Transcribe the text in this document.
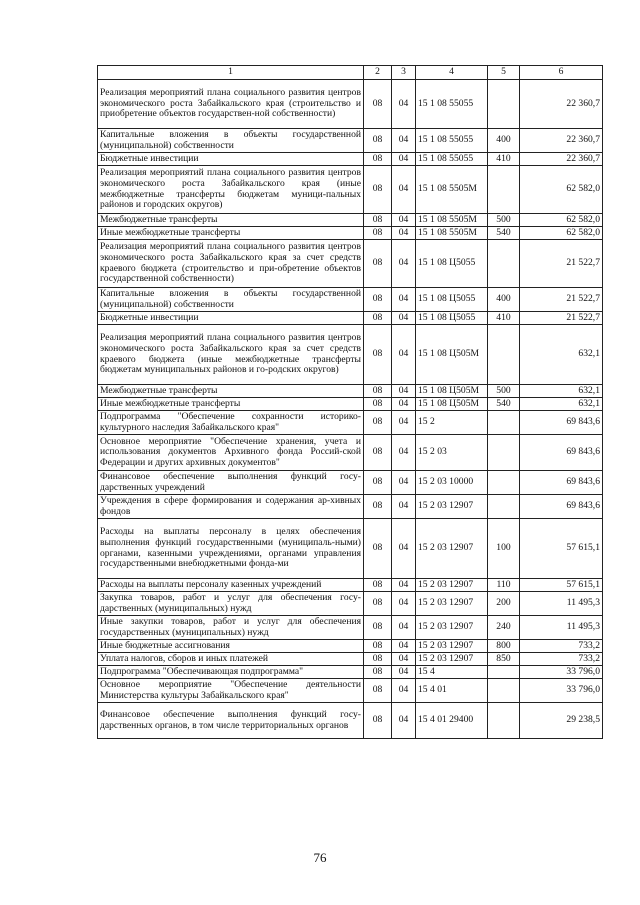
1	2	3	4	5	6
Реализация мероприятий плана социального развития центров экономического роста Забайкальского края (строительство и приобретение объектов государствен-ной собственности)	08	04	15 1 08 55055		22 360,7
Капитальные вложения в объекты государственной (муниципальной) собственности	08	04	15 1 08 55055	400	22 360,7
Бюджетные инвестиции	08	04	15 1 08 55055	410	22 360,7
Реализация мероприятий плана социального развития центров экономического роста Забайкальского края (иные межбюджетные трансферты бюджетам муници-пальных районов и городских округов)	08	04	15 1 08 5505М		62 582,0
Межбюджетные трансферты	08	04	15 1 08 5505М	500	62 582,0
Иные межбюджетные трансферты	08	04	15 1 08 5505М	540	62 582,0
Реализация мероприятий плана социального развития центров экономического роста Забайкальского края за счет средств краевого бюджета (строительство и при-обретение объектов государственной собственности)	08	04	15 1 08 Ц5055		21 522,7
Капитальные вложения в объекты государственной (муниципальной) собственности	08	04	15 1 08 Ц5055	400	21 522,7
Бюджетные инвестиции	08	04	15 1 08 Ц5055	410	21 522,7
Реализация мероприятий плана социального развития центров экономического роста Забайкальского края за счет средств краевого бюджета (иные межбюджетные трансферты бюджетам муниципальных районов и го-родских округов)	08	04	15 1 08 Ц505М		632,1
Межбюджетные трансферты	08	04	15 1 08 Ц505М	500	632,1
Иные межбюджетные трансферты	08	04	15 1 08 Ц505М	540	632,1
Подпрограмма "Обеспечение сохранности историко-культурного наследия Забайкальского края"	08	04	15 2		69 843,6
Основное мероприятие "Обеспечение хранения, учета и использования документов Архивного фонда Россий-ской Федерации и других архивных документов"	08	04	15 2 03		69 843,6
Финансовое обеспечение выполнения функций госу-дарственных учреждений	08	04	15 2 03 10000		69 843,6
Учреждения в сфере формирования и содержания ар-хивных фондов	08	04	15 2 03 12907		69 843,6
Расходы на выплаты персоналу в целях обеспечения выполнения функций государственными (муниципаль-ными) органами, казенными учреждениями, органами управления государственными внебюджетными фонда-ми	08	04	15 2 03 12907	100	57 615,1
Расходы на выплаты персоналу казенных учреждений	08	04	15 2 03 12907	110	57 615,1
Закупка товаров, работ и услуг для обеспечения госу-дарственных (муниципальных) нужд	08	04	15 2 03 12907	200	11 495,3
Иные закупки товаров, работ и услуг для обеспечения государственных (муниципальных) нужд	08	04	15 2 03 12907	240	11 495,3
Иные бюджетные ассигнования	08	04	15 2 03 12907	800	733,2
Уплата налогов, сборов и иных платежей	08	04	15 2 03 12907	850	733,2
Подпрограмма "Обеспечивающая подпрограмма"	08	04	15 4		33 796,0
Основное мероприятие "Обеспечение деятельности Министерства культуры Забайкальского края"	08	04	15 4 01		33 796,0
Финансовое обеспечение выполнения функций госу-дарственных органов, в том числе территориальных органов	08	04	15 4 01 29400		29 238,5
76
